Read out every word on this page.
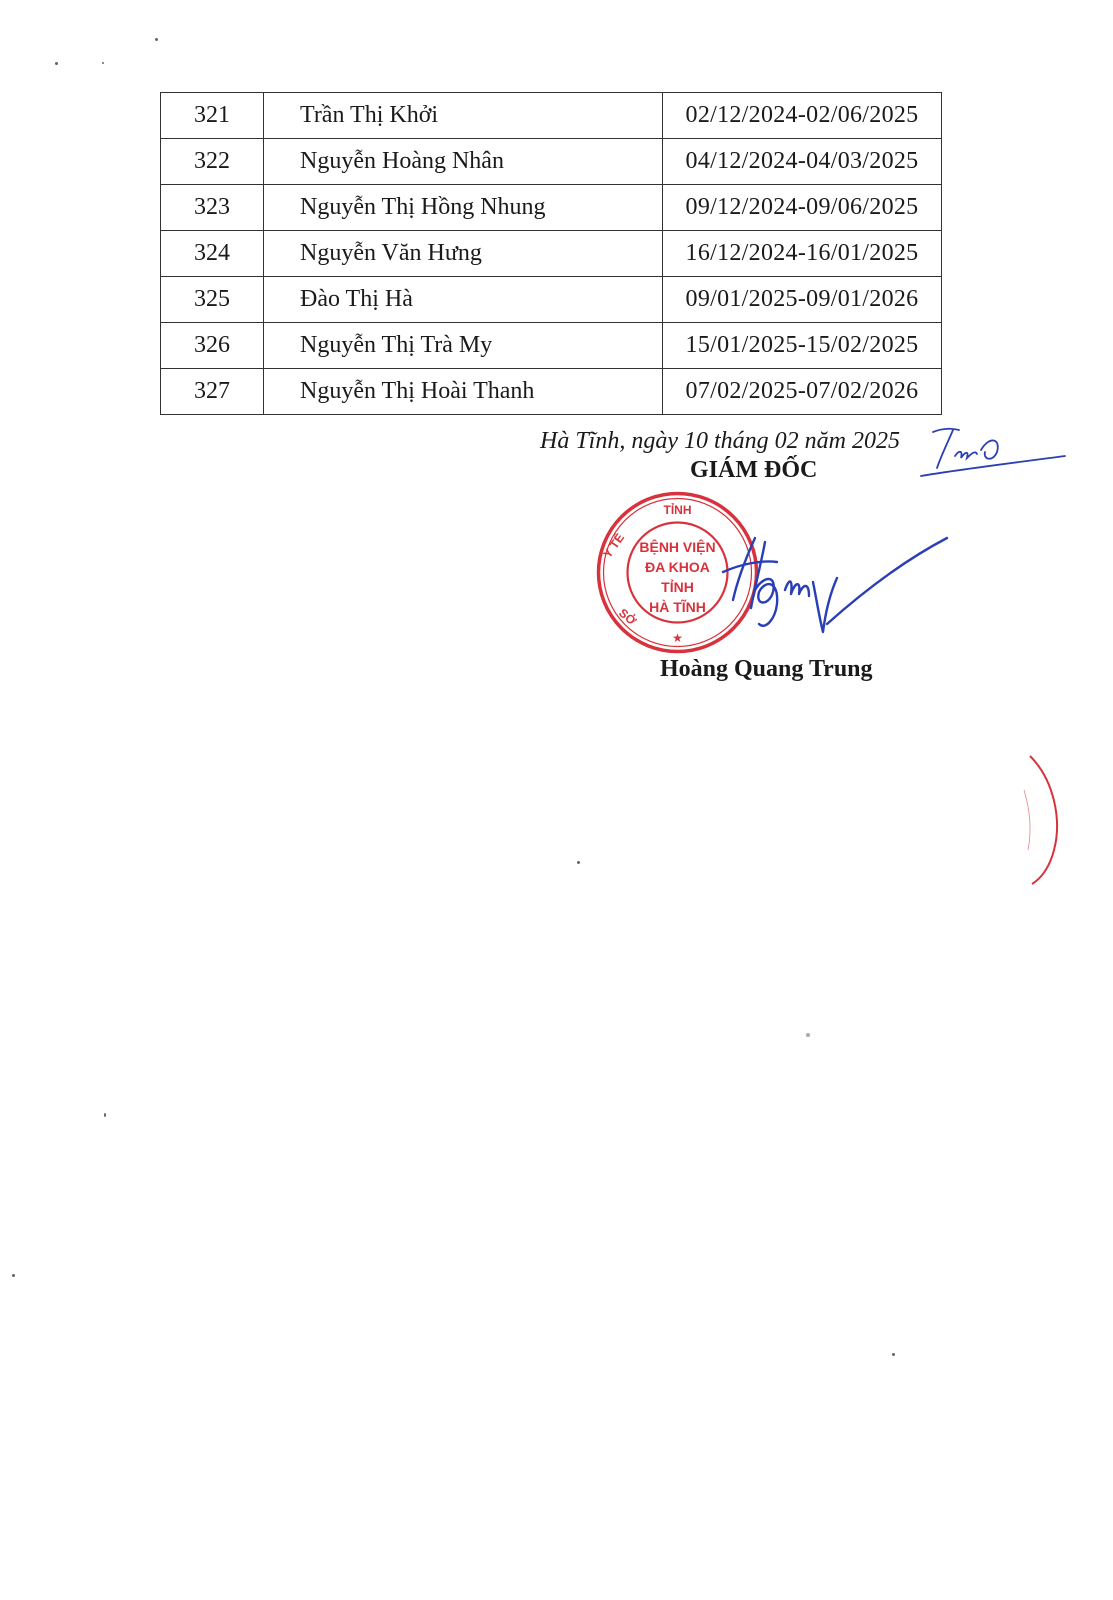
321	Trần Thị Khởi	02/12/2024-02/06/2025
322	Nguyễn Hoàng Nhân	04/12/2024-04/03/2025
323	Nguyễn Thị Hồng Nhung	09/12/2024-09/06/2025
324	Nguyễn Văn Hưng	16/12/2024-16/01/2025
325	Đào Thị Hà	09/01/2025-09/01/2026
326	Nguyễn Thị Trà My	15/01/2025-15/02/2025
327	Nguyễn Thị Hoài Thanh	07/02/2025-07/02/2026
Hà Tĩnh, ngày 10 tháng 02 năm 2025
GIÁM ĐỐC
TỈNH
Y TẾ
SỞ
BỆNH VIỆN
ĐA KHOA
TỈNH
HÀ TĨNH
★
Hoàng Quang Trung
